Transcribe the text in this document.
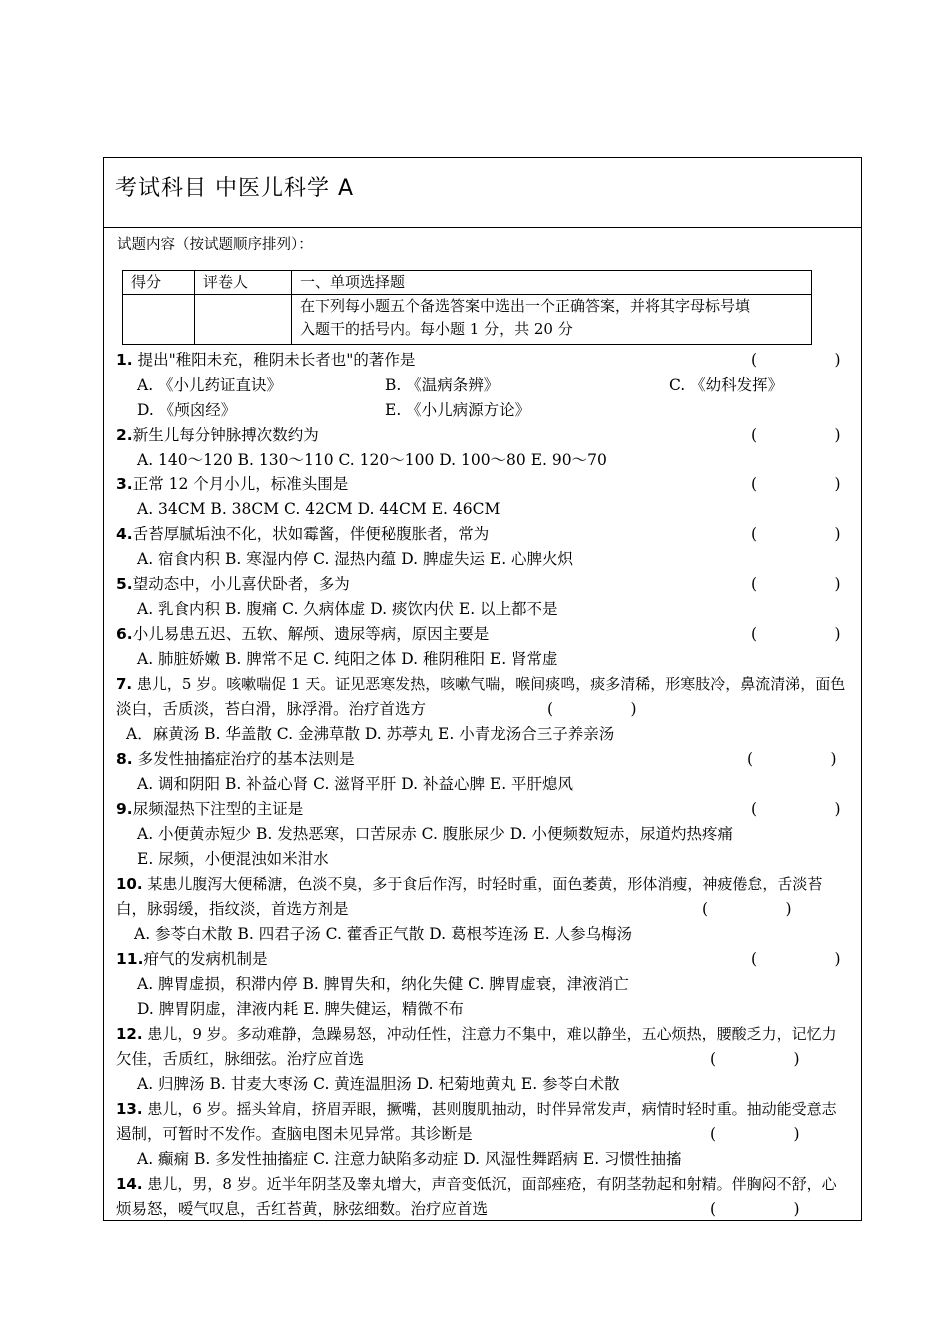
考试科目 中医儿科学 A
试题内容（按试题顺序排列）：
得分	评卷人	一、单项选择题

		在下列每小题五个备选答案中选出一个正确答案，并将其字母标号填
入题干的括号内。每小题 1 分，共 20 分
1. 提出"稚阳未充，稚阴未长者也"的著作是	(　　　　　)
A. 《小儿药证直诀》	B. 《温病条辨》	C. 《幼科发挥》
D. 《颅囟经》	E. 《小儿病源方论》
2.新生儿每分钟脉搏次数约为	(　　　　　)
A. 140～120 B. 130～110 C. 120～100 D. 100～80 E. 90～70
3.正常 12 个月小儿，标准头围是	(　　　　　)
A. 34CM B. 38CM C. 42CM D. 44CM E. 46CM
4.舌苔厚腻垢浊不化，状如霉酱，伴便秘腹胀者，常为	(　　　　　)
A. 宿食内积 B. 寒湿内停 C. 湿热内蕴 D. 脾虚失运 E. 心脾火炽
5.望动态中，小儿喜伏卧者，多为	(　　　　　)
A. 乳食内积 B. 腹痛 C. 久病体虚 D. 痰饮内伏 E. 以上都不是
6.小儿易患五迟、五软、解颅、遗尿等病，原因主要是	(　　　　　)
A. 肺脏娇嫩 B. 脾常不足 C. 纯阳之体 D. 稚阴稚阳 E. 肾常虚
7. 患儿，5 岁。咳嗽喘促 1 天。证见恶寒发热，咳嗽气喘，喉间痰鸣，痰多清稀，形寒肢冷，鼻流清涕，面色
淡白，舌质淡，苔白滑，脉浮滑。治疗首选方	(　　　　　)
A．麻黄汤 B. 华盖散 C. 金沸草散 D. 苏葶丸 E. 小青龙汤合三子养亲汤
8. 多发性抽搐症治疗的基本法则是	(　　　　　)
A. 调和阴阳 B. 补益心肾 C. 滋肾平肝 D. 补益心脾 E. 平肝熄风
9.尿频湿热下注型的主证是	(　　　　　)
A. 小便黄赤短少 B. 发热恶寒，口苦尿赤 C. 腹胀尿少 D. 小便频数短赤，尿道灼热疼痛
E. 尿频，小便混浊如米泔水
10. 某患儿腹泻大便稀溏，色淡不臭，多于食后作泻，时轻时重，面色萎黄，形体消瘦，神疲倦怠，舌淡苔
白，脉弱缓，指纹淡，首选方剂是	(　　　　　)
A. 参苓白术散 B. 四君子汤 C. 藿香正气散 D. 葛根芩连汤 E. 人参乌梅汤
11.疳气的发病机制是	(　　　　　)
A. 脾胃虚损，积滞内停 B. 脾胃失和，纳化失健 C. 脾胃虚衰，津液消亡
D. 脾胃阴虚，津液内耗 E. 脾失健运，精微不布
12. 患儿，9 岁。多动难静，急躁易怒，冲动任性，注意力不集中，难以静坐，五心烦热，腰酸乏力，记忆力
欠佳，舌质红，脉细弦。治疗应首选	(　　　　　)
A. 归脾汤 B. 甘麦大枣汤 C. 黄连温胆汤 D. 杞菊地黄丸 E. 参苓白术散
13. 患儿，6 岁。摇头耸肩，挤眉弄眼，撅嘴，甚则腹肌抽动，时伴异常发声，病情时轻时重。抽动能受意志
遏制，可暂时不发作。查脑电图未见异常。其诊断是	(　　　　　)
A. 癫痫 B. 多发性抽搐症 C. 注意力缺陷多动症 D. 风湿性舞蹈病 E. 习惯性抽搐
14. 患儿，男，8 岁。近半年阴茎及睾丸增大，声音变低沉，面部痤疮，有阴茎勃起和射精。伴胸闷不舒，心
烦易怒，嗳气叹息，舌红苔黄，脉弦细数。治疗应首选	(　　　　　)
